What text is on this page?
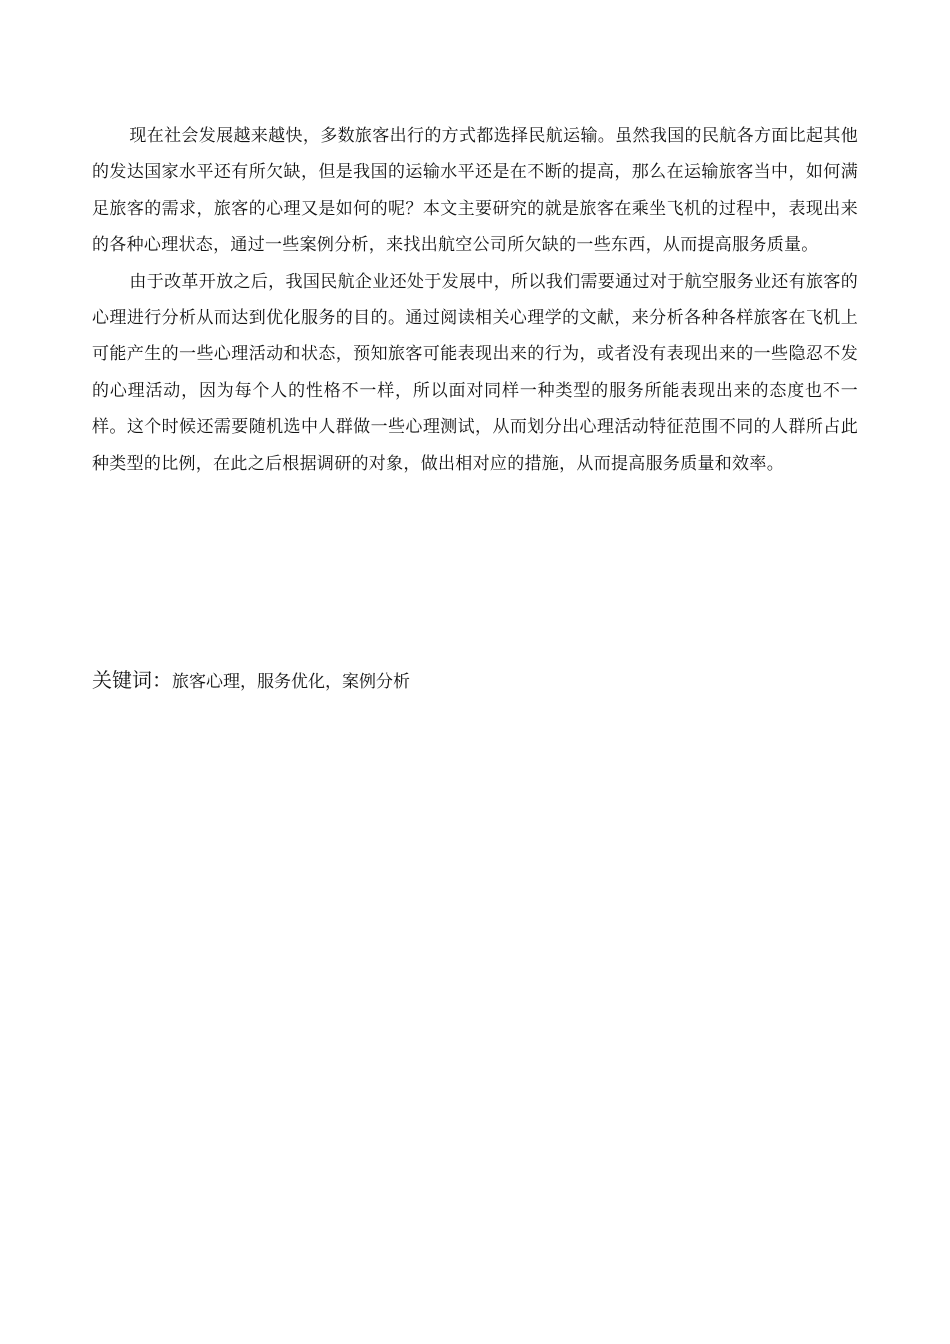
现在社会发展越来越快，多数旅客出行的方式都选择民航运输。虽然我国的民航各方面比起其他的发达国家水平还有所欠缺，但是我国的运输水平还是在不断的提高，那么在运输旅客当中，如何满足旅客的需求，旅客的心理又是如何的呢？本文主要研究的就是旅客在乘坐飞机的过程中，表现出来的各种心理状态，通过一些案例分析，来找出航空公司所欠缺的一些东西，从而提高服务质量。

由于改革开放之后，我国民航企业还处于发展中，所以我们需要通过对于航空服务业还有旅客的心理进行分析从而达到优化服务的目的。通过阅读相关心理学的文献，来分析各种各样旅客在飞机上可能产生的一些心理活动和状态，预知旅客可能表现出来的行为，或者没有表现出来的一些隐忍不发的心理活动，因为每个人的性格不一样，所以面对同样一种类型的服务所能表现出来的态度也不一样。这个时候还需要随机选中人群做一些心理测试，从而划分出心理活动特征范围不同的人群所占此种类型的比例，在此之后根据调研的对象，做出相对应的措施，从而提高服务质量和效率。

关键词：旅客心理，服务优化，案例分析
